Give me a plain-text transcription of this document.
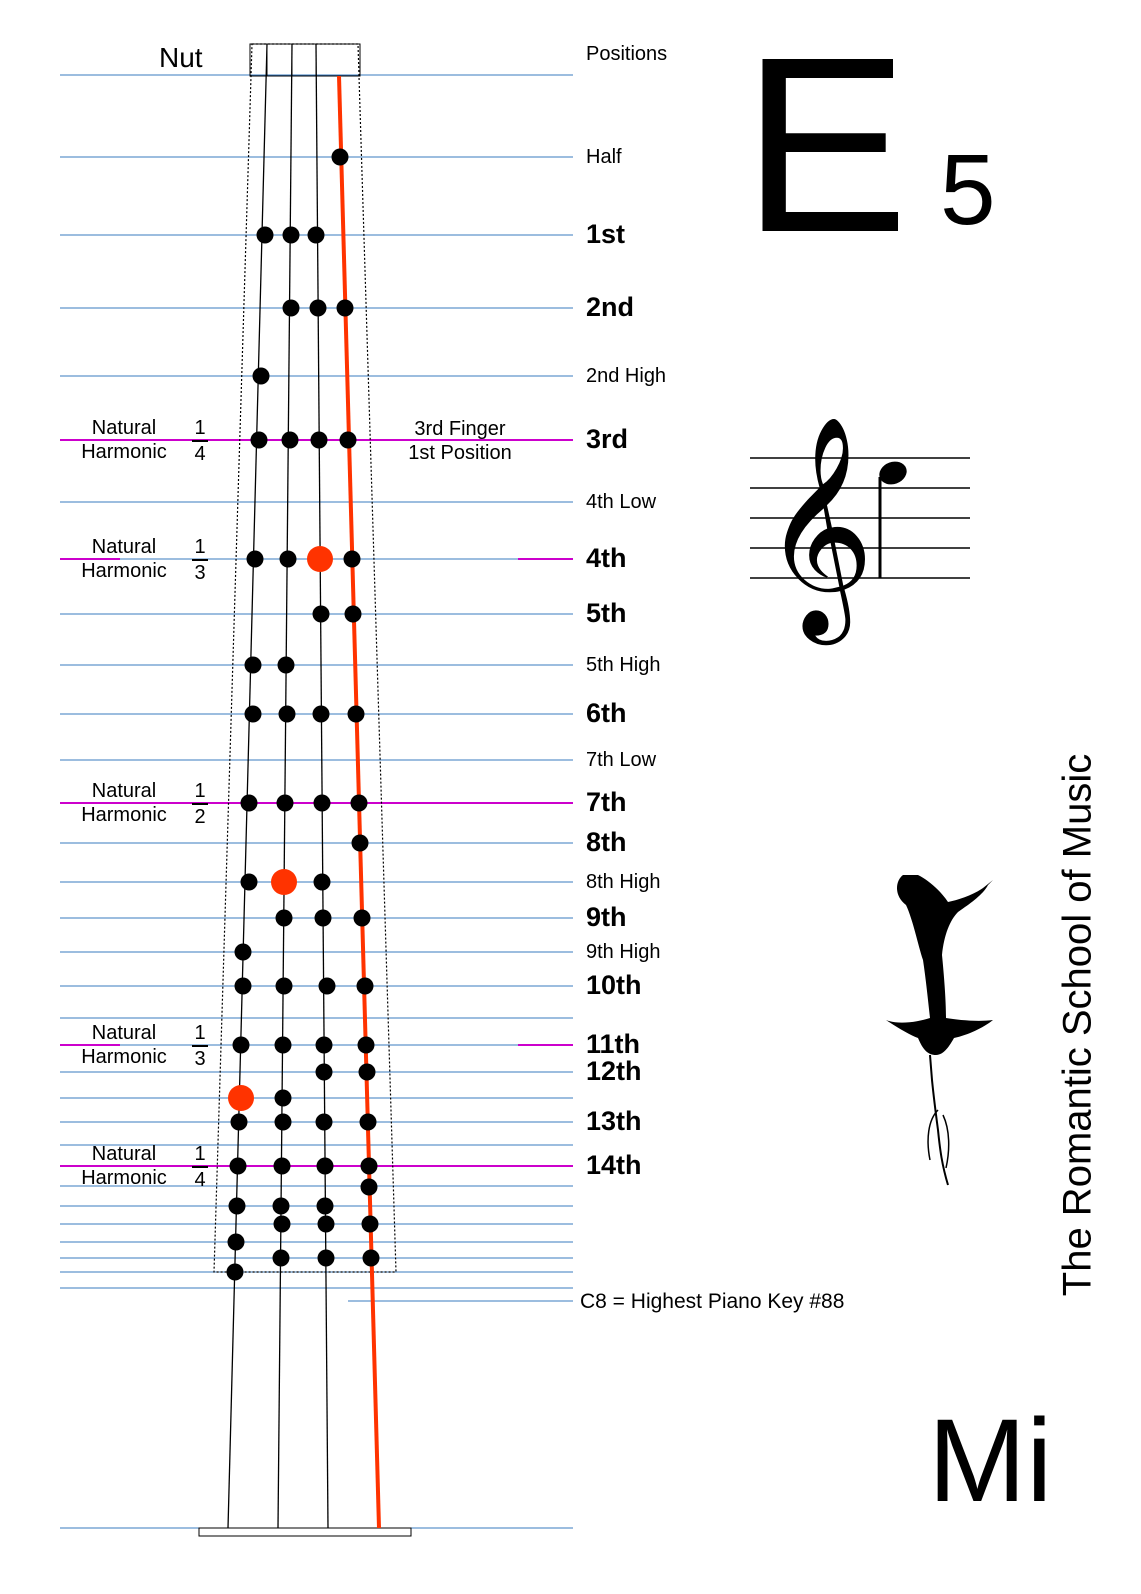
𝄞
Nut	Positions E 5
Mi
The Romantic School of Music
C8 = Highest Piano Key #88
3rd Finger
1st Position
Half
1st
2nd
2nd High
3rd
4th Low
4th
5th
5th High
6th
7th Low
7th
8th
8th High
9th
9th High
10th
11th
12th
13th
14th
Natural
Harmonic	$\frac{1}{4}$
Natural
Harmonic	$\frac{1}{3}$
Natural
Harmonic	$\frac{1}{2}$
Natural
Harmonic	$\frac{1}{3}$
Natural
Harmonic	$\frac{1}{4}$
